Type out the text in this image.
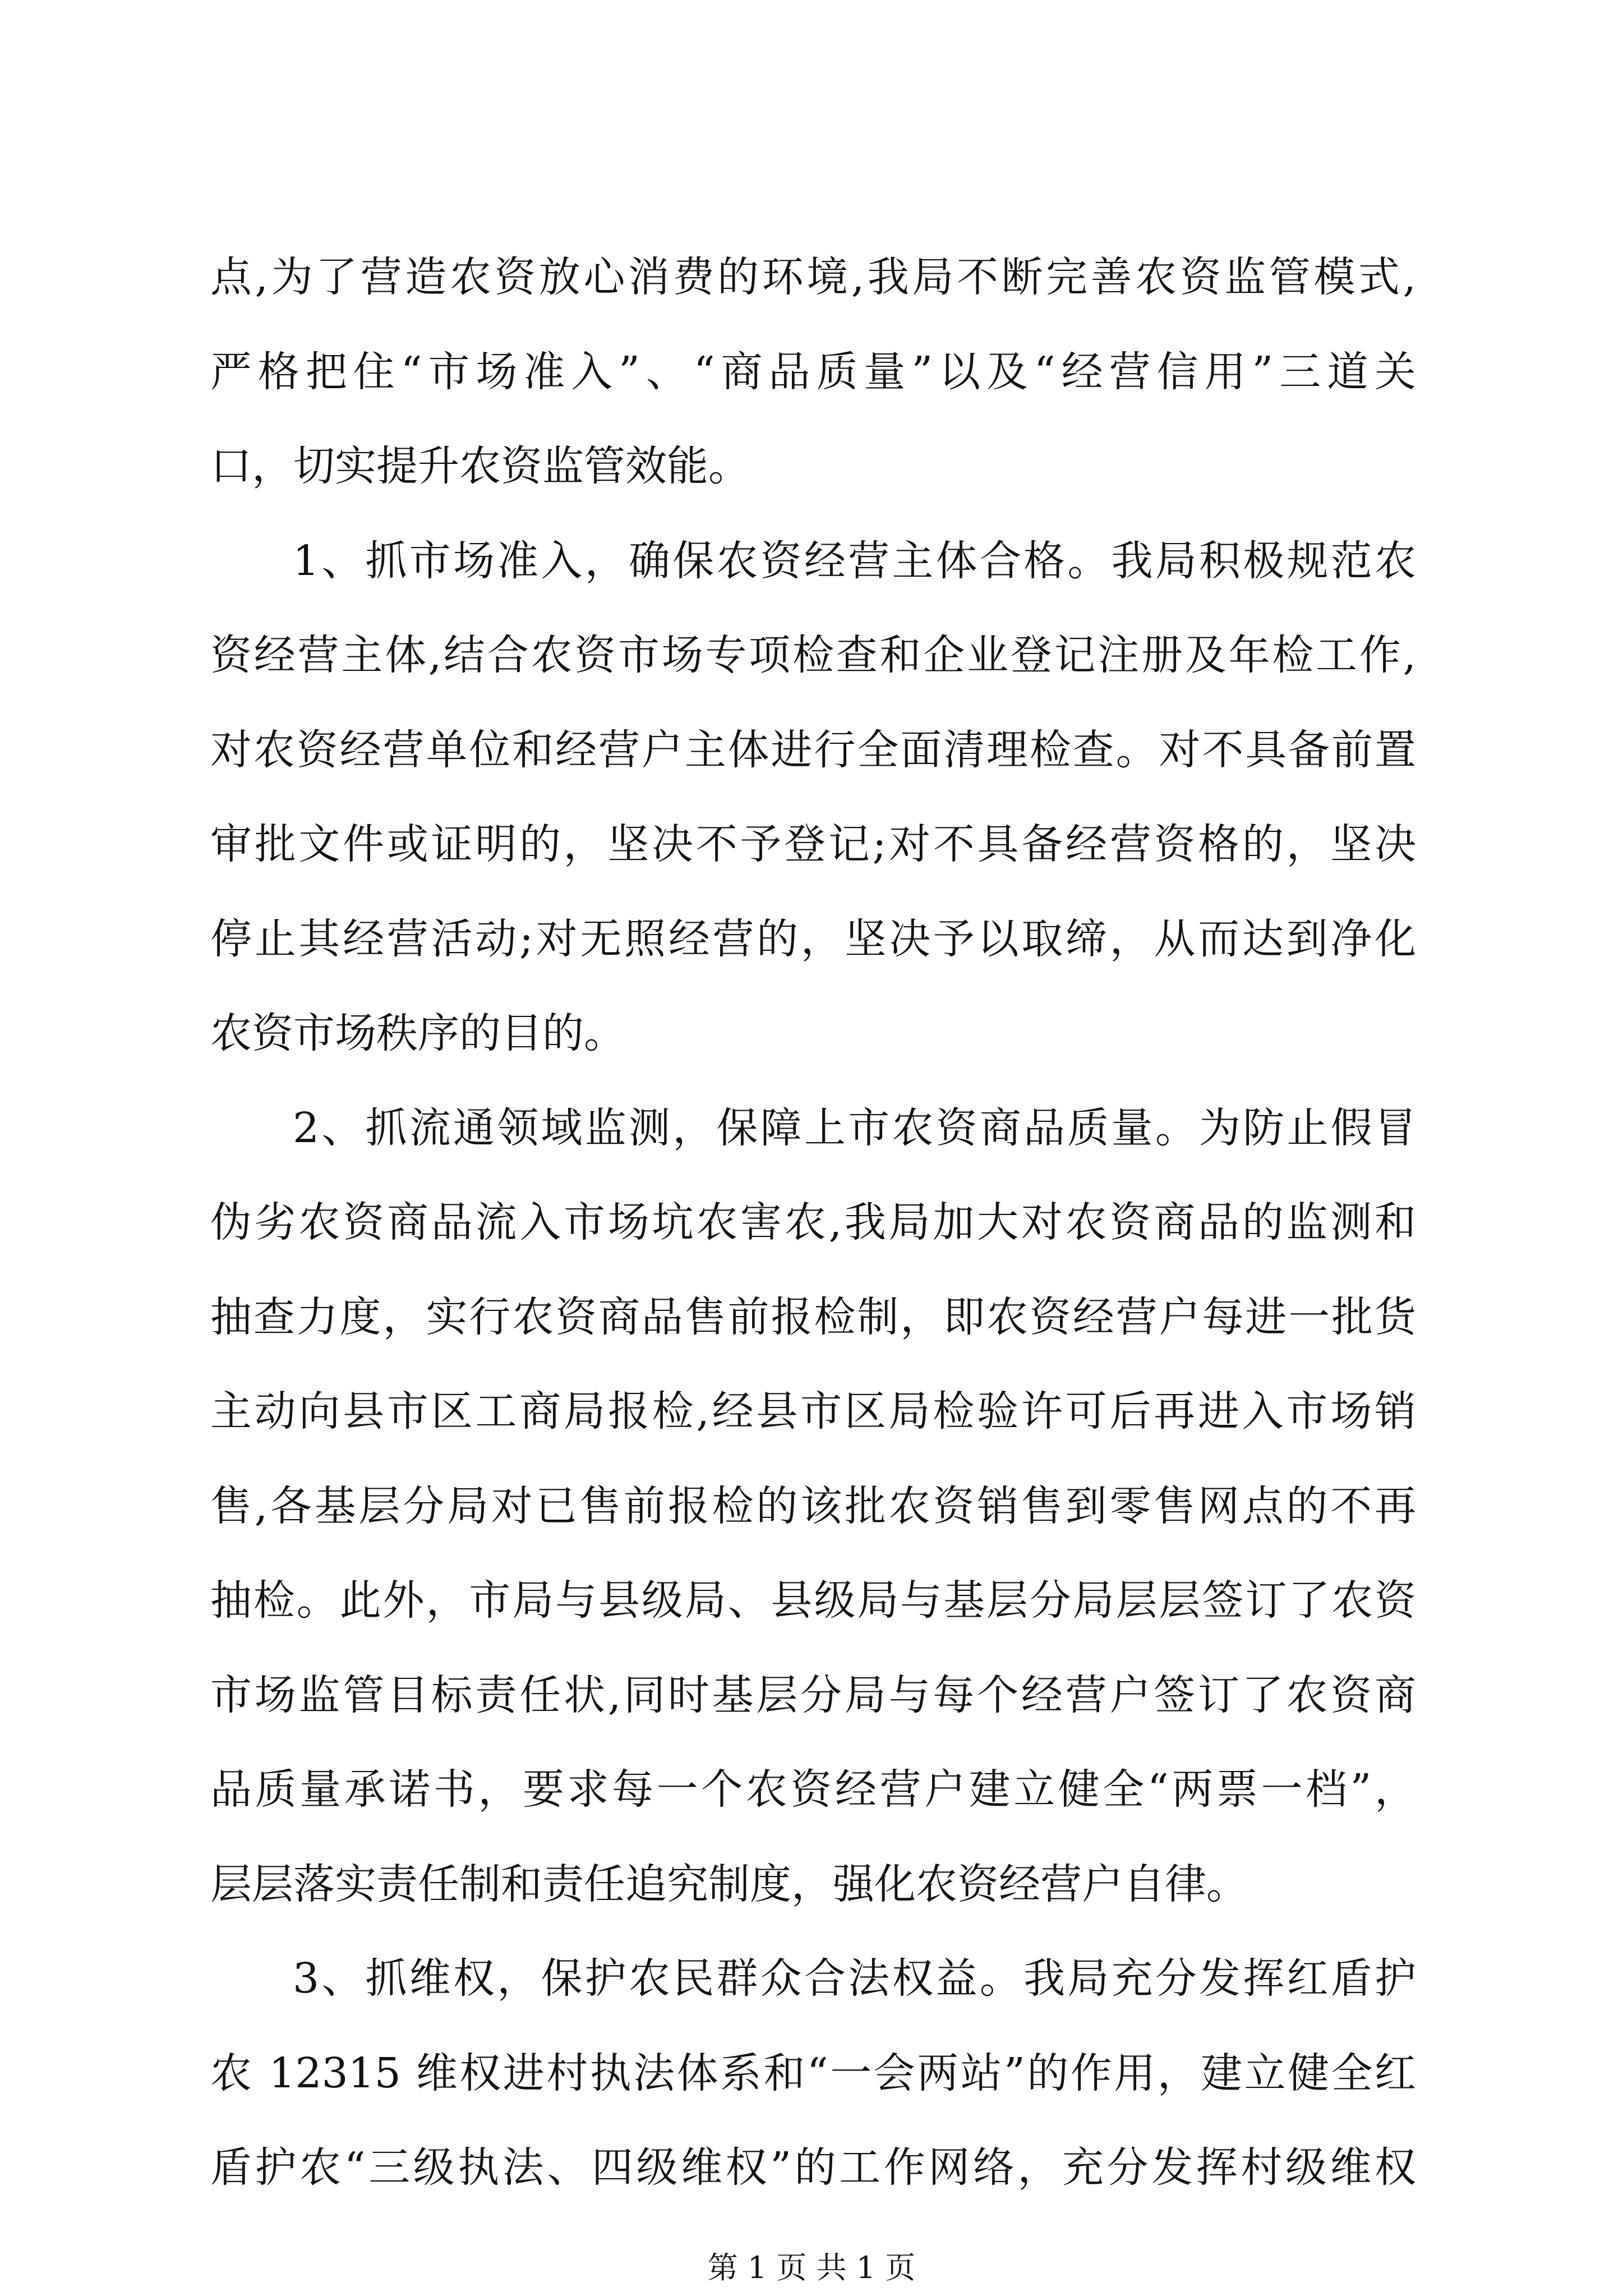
点,为了营造农资放心消费的环境,我局不断完善农资监管模式,
严格把住“市场准入”、“商品质量”以及“经营信用”三道关
口，切实提升农资监管效能。
1、抓市场准入，确保农资经营主体合格。我局积极规范农
资经营主体,结合农资市场专项检查和企业登记注册及年检工作,
对农资经营单位和经营户主体进行全面清理检查。对不具备前置
审批文件或证明的，坚决不予登记;对不具备经营资格的，坚决
停止其经营活动;对无照经营的，坚决予以取缔，从而达到净化
农资市场秩序的目的。
2、抓流通领域监测，保障上市农资商品质量。为防止假冒
伪劣农资商品流入市场坑农害农,我局加大对农资商品的监测和
抽查力度，实行农资商品售前报检制，即农资经营户每进一批货
主动向县市区工商局报检,经县市区局检验许可后再进入市场销
售,各基层分局对已售前报检的该批农资销售到零售网点的不再
抽检。此外，市局与县级局、县级局与基层分局层层签订了农资
市场监管目标责任状,同时基层分局与每个经营户签订了农资商
品质量承诺书，要求每一个农资经营户建立健全“两票一档”，
层层落实责任制和责任追究制度，强化农资经营户自律。
3、抓维权，保护农民群众合法权益。我局充分发挥红盾护
农 12315 维权进村执法体系和“一会两站”的作用，建立健全红
盾护农“三级执法、四级维权”的工作网络，充分发挥村级维权
第 1 页 共 1 页
